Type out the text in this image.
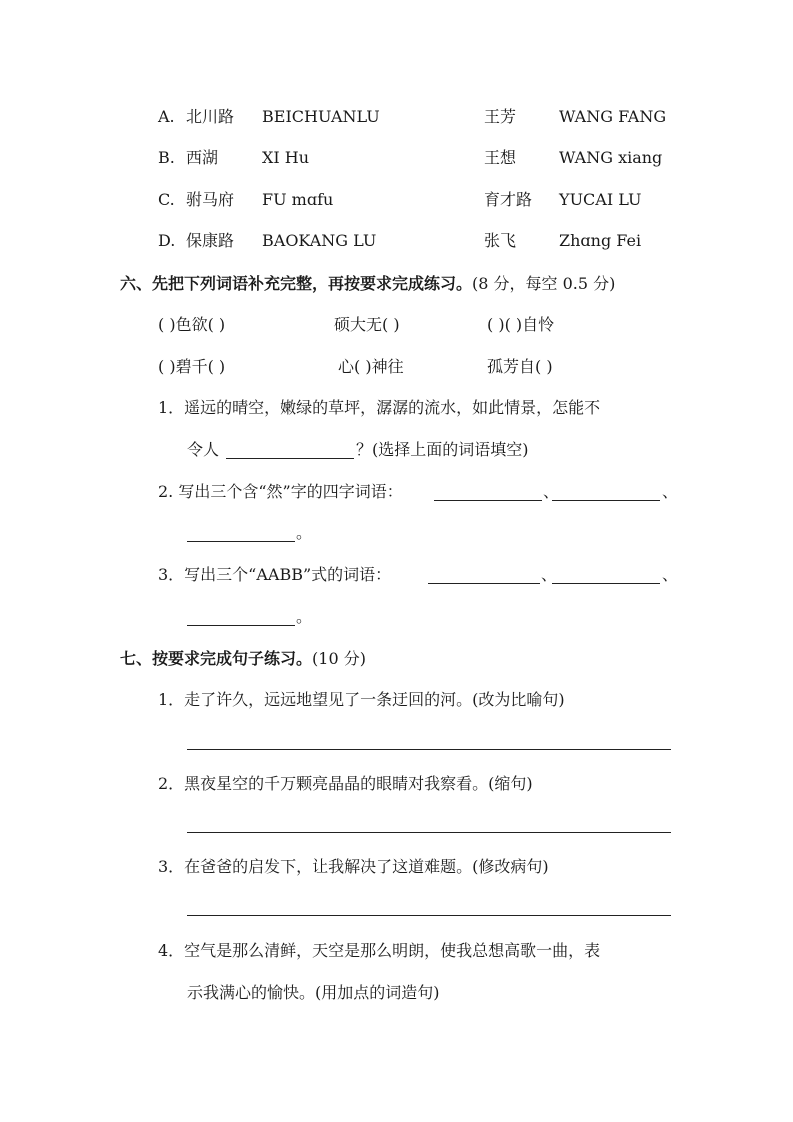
A. 北川路 BEICHUANLU	王芳	WANG FANG
B. 西湖	XI Hu	王想	WANG xiang
C. 驸马府 FU mɑfu	育才路 YUCAI LU
D. 保康路 BAOKANG LU	张飞	Zhɑng Fei
六、先把下列词语补充完整，再按要求完成练习。(8 分，每空 0.5 分)
( )色欲( )	硕大无( )	( )( )自怜
( )碧千( )	心( )神往	孤芳自( )
1．遥远的晴空，嫩绿的草坪，潺潺的流水，如此情景，怎能不
令人	？(选择上面的词语填空)
2. 写出三个含“然”字的四字词语：	、	、
。
3．写出三个“AABB”式的词语：	、	、
。
七、按要求完成句子练习。(10 分)
1．走了许久，远远地望见了一条迂回的河。(改为比喻句)
2．黑夜星空的千万颗亮晶晶的眼睛对我察看。(缩句)
3．在爸爸的启发下，让我解决了这道难题。(修改病句)
4．空气是那么清鲜，天空是那么明朗，使我总想高歌一曲，表
示我满心的愉快。(用加点的词造句)
